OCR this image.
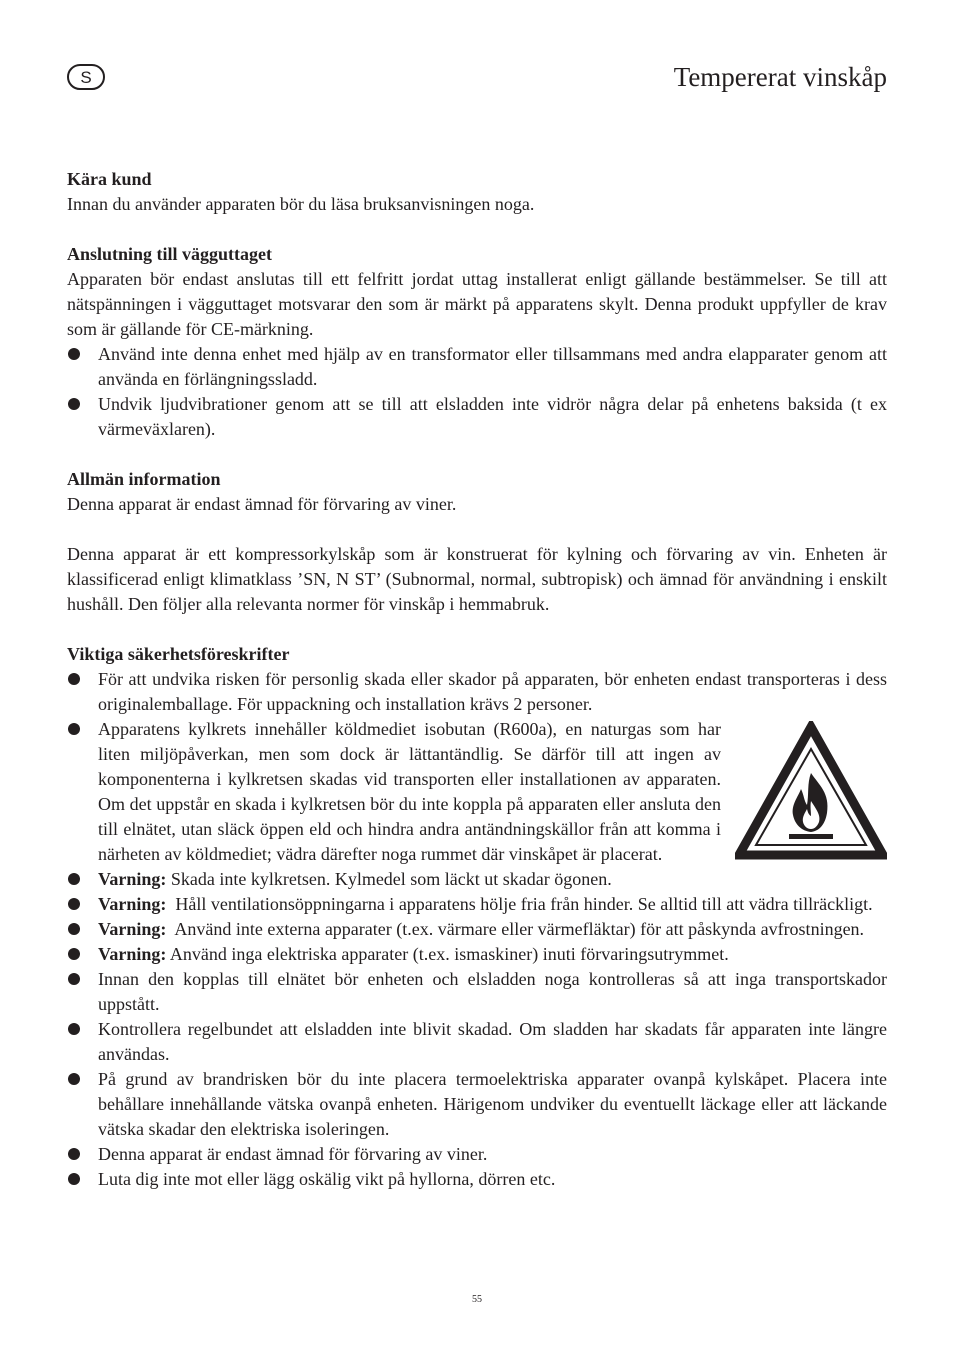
S	Tempererat vinskåp

Kära kund

Innan du använder apparaten bör du läsa bruksanvisningen noga.

Anslutning till vägguttaget

Apparaten bör endast anslutas till ett felfritt jordat uttag installerat enligt gällande bestämmelser. Se till att nätspänningen i vägguttaget motsvarar den som är märkt på apparatens skylt. Denna produkt uppfyller de krav som är gällande för CE-märkning.

Använd inte denna enhet med hjälp av en transformator eller tillsammans med andra elapparater genom att använda en förlängningssladd.
Undvik ljudvibrationer genom att se till att elsladden inte vidrör några delar på enhetens baksida (t ex värmeväxlaren).

Allmän information

Denna apparat är endast ämnad för förvaring av viner.

Denna apparat är ett kompressorkylskåp som är konstruerat för kylning och förvaring av vin. Enheten är klassificerad enligt klimatklass ’SN, N ST’ (Subnormal, normal, subtropisk) och ämnad för användning i enskilt hushåll. Den följer alla relevanta normer för vinskåp i hemmabruk.

Viktiga säkerhetsföreskrifter

För att undvika risken för personlig skada eller skador på apparaten, bör enheten endast transporteras i dess originalemballage. För uppackning och installation krävs 2 personer.
Apparatens kylkrets innehåller köldmediet isobutan (R600a), en naturgas som har liten miljöpåverkan, men som dock är lättantändlig. Se därför till att ingen av komponenterna i kylkretsen skadas vid transporten eller installationen av apparaten. Om det uppstår en skada i kylkretsen bör du inte koppla på apparaten eller ansluta den till elnätet, utan släck öppen eld och hindra andra antändningskällor från att komma i närheten av köldmediet; vädra därefter noga rummet där vinskåpet är placerat.
Varning: Skada inte kylkretsen. Kylmedel som läckt ut skadar ögonen.
Varning: Håll ventilationsöppningarna i apparatens hölje fria från hinder. Se alltid till att vädra tillräckligt.
Varning: Använd inte externa apparater (t.ex. värmare eller värmefläktar) för att påskynda avfrostningen.
Varning: Använd inga elektriska apparater (t.ex. ismaskiner) inuti förvaringsutrymmet.
Innan den kopplas till elnätet bör enheten och elsladden noga kontrolleras så att inga transportskador uppstått.
Kontrollera regelbundet att elsladden inte blivit skadad. Om sladden har skadats får apparaten inte längre användas.
På grund av brandrisken bör du inte placera termoelektriska apparater ovanpå kylskåpet. Placera inte behållare innehållande vätska ovanpå enheten. Härigenom undviker du eventuellt läckage eller att läckande vätska skadar den elektriska isoleringen.
Denna apparat är endast ämnad för förvaring av viner.
Luta dig inte mot eller lägg oskälig vikt på hyllorna, dörren etc.
55
